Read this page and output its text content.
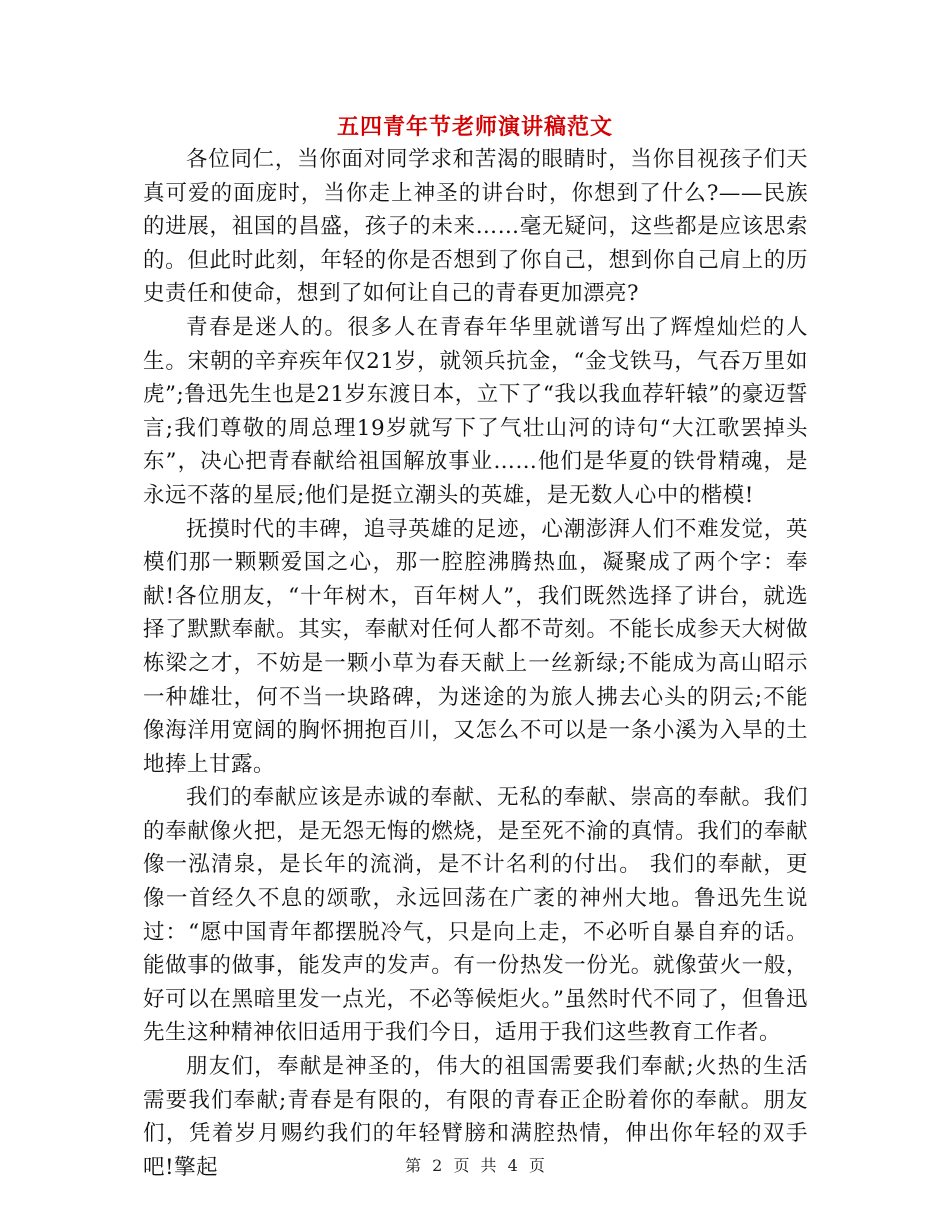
五四青年节老师演讲稿范文

各位同仁，当你面对同学求和苦渴的眼睛时，当你目视孩子们天真可爱的面庞时，当你走上神圣的讲台时，你想到了什么?——民族的进展，祖国的昌盛，孩子的未来……毫无疑问，这些都是应该思索的。但此时此刻，年轻的你是否想到了你自己，想到你自己肩上的历史责任和使命，想到了如何让自己的青春更加漂亮?

青春是迷人的。很多人在青春年华里就谱写出了辉煌灿烂的人生。宋朝的辛弃疾年仅21岁，就领兵抗金，“金戈铁马，气吞万里如虎”;鲁迅先生也是21岁东渡日本，立下了“我以我血荐轩辕”的豪迈誓言;我们尊敬的周总理19岁就写下了气壮山河的诗句“大江歌罢掉头东”，决心把青春献给祖国解放事业……他们是华夏的铁骨精魂，是永远不落的星辰;他们是挺立潮头的英雄，是无数人心中的楷模!

抚摸时代的丰碑，追寻英雄的足迹，心潮澎湃人们不难发觉，英模们那一颗颗爱国之心，那一腔腔沸腾热血，凝聚成了两个字：奉献!各位朋友，“十年树木，百年树人”，我们既然选择了讲台，就选择了默默奉献。其实，奉献对任何人都不苛刻。不能长成参天大树做栋梁之才，不妨是一颗小草为春天献上一丝新绿;不能成为高山昭示一种雄壮，何不当一块路碑，为迷途的为旅人拂去心头的阴云;不能像海洋用宽阔的胸怀拥抱百川，又怎么不可以是一条小溪为入旱的土地捧上甘露。

我们的奉献应该是赤诚的奉献、无私的奉献、崇高的奉献。我们的奉献像火把，是无怨无悔的燃烧，是至死不渝的真情。我们的奉献像一泓清泉，是长年的流淌，是不计名利的付出。 我们的奉献，更像一首经久不息的颂歌，永远回荡在广袤的神州大地。鲁迅先生说过：“愿中国青年都摆脱冷气，只是向上走，不必听自暴自弃的话。能做事的做事，能发声的发声。有一份热发一份光。就像萤火一般，好可以在黑暗里发一点光，不必等候炬火。”虽然时代不同了，但鲁迅先生这种精神依旧适用于我们今日，适用于我们这些教育工作者。

朋友们，奉献是神圣的，伟大的祖国需要我们奉献;火热的生活需要我们奉献;青春是有限的，有限的青春正企盼着你的奉献。朋友们，凭着岁月赐约我们的年轻臂膀和满腔热情，伸出你年轻的双手吧!擎起	第 2 页 共 4 页
